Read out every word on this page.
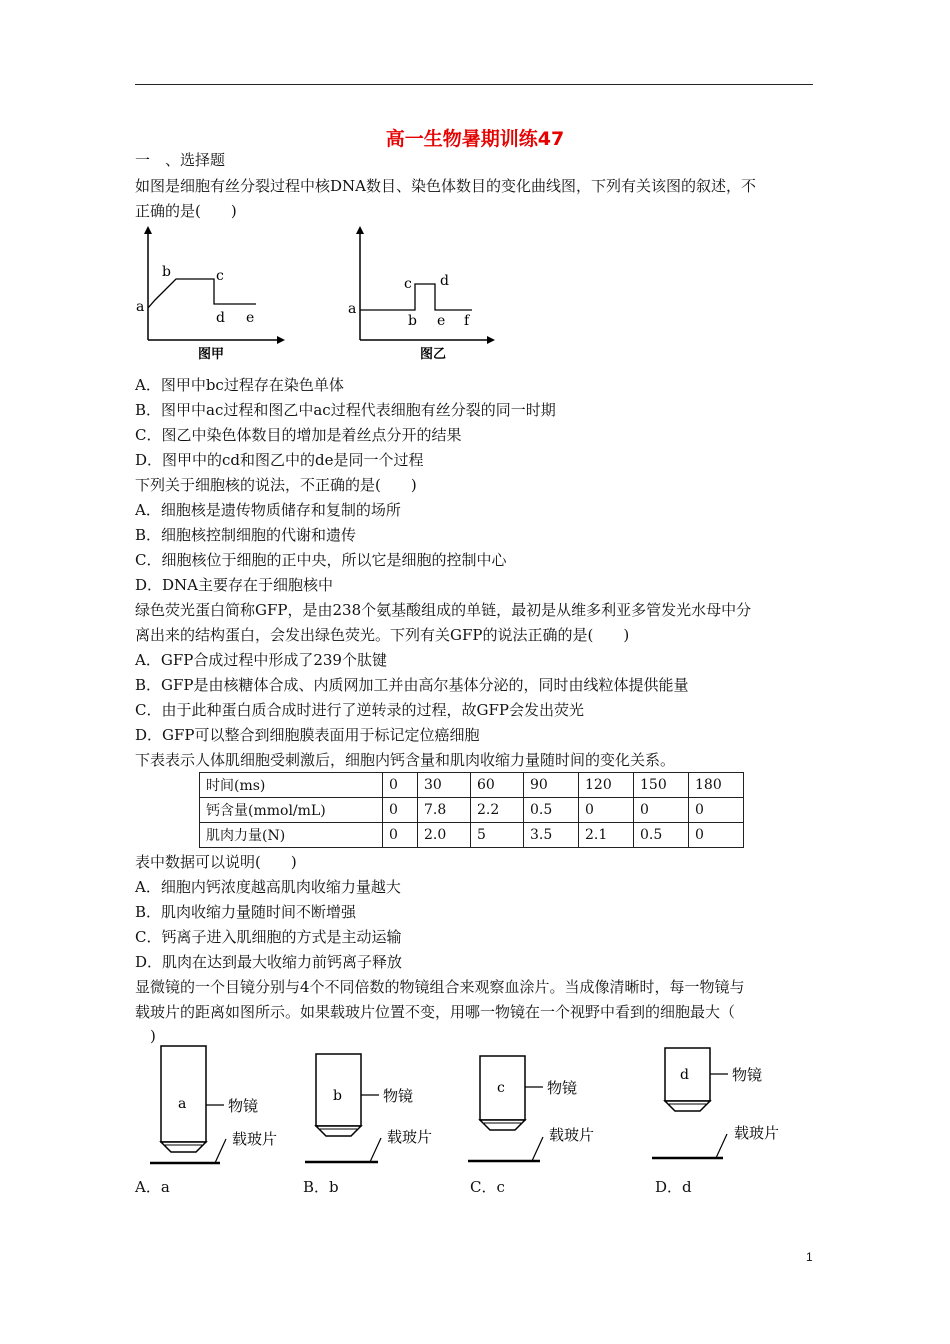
高一生物暑期训练47
一　、选择题
如图是细胞有丝分裂过程中核DNA数目、染色体数目的变化曲线图，下列有关该图的叙述，不
正确的是(　　)
a
b	c
d e
图甲
a
c d
b e f
图乙
A．图甲中bc过程存在染色单体
B．图甲中ac过程和图乙中ac过程代表细胞有丝分裂的同一时期
C．图乙中染色体数目的增加是着丝点分开的结果
D．图甲中的cd和图乙中的de是同一个过程
下列关于细胞核的说法，不正确的是(　　)
A．细胞核是遗传物质储存和复制的场所
B．细胞核控制细胞的代谢和遗传
C．细胞核位于细胞的正中央，所以它是细胞的控制中心
D．DNA主要存在于细胞核中
绿色荧光蛋白简称GFP，是由238个氨基酸组成的单链，最初是从维多利亚多管发光水母中分
离出来的结构蛋白，会发出绿色荧光。下列有关GFP的说法正确的是(　　)
A．GFP合成过程中形成了239个肽键
B．GFP是由核糖体合成、内质网加工并由高尔基体分泌的，同时由线粒体提供能量
C．由于此种蛋白质合成时进行了逆转录的过程，故GFP会发出荧光
D．GFP可以整合到细胞膜表面用于标记定位癌细胞
下表表示人体肌细胞受刺激后，细胞内钙含量和肌肉收缩力量随时间的变化关系。
时间(ms)	0	30	60	90	120	150	180
钙含量(mmol/mL)	0	7.8	2.2	0.5	0	0	0
肌肉力量(N)	0	2.0	5	3.5	2.1	0.5	0
表中数据可以说明(　　)
A．细胞内钙浓度越高肌肉收缩力量越大
B．肌肉收缩力量随时间不断增强
C．钙离子进入肌细胞的方式是主动运输
D．肌肉在达到最大收缩力前钙离子释放
显微镜的一个目镜分别与4个不同倍数的物镜组合来观察血涂片。当成像清晰时，每一物镜与
载玻片的距离如图所示。如果载玻片位置不变，用哪一物镜在一个视野中看到的细胞最大（
　)
a	物镜
载玻片
b	物镜
载玻片
c	物镜
载玻片
d	物镜
载玻片
A．a	B．b	C．c	D．d
1
